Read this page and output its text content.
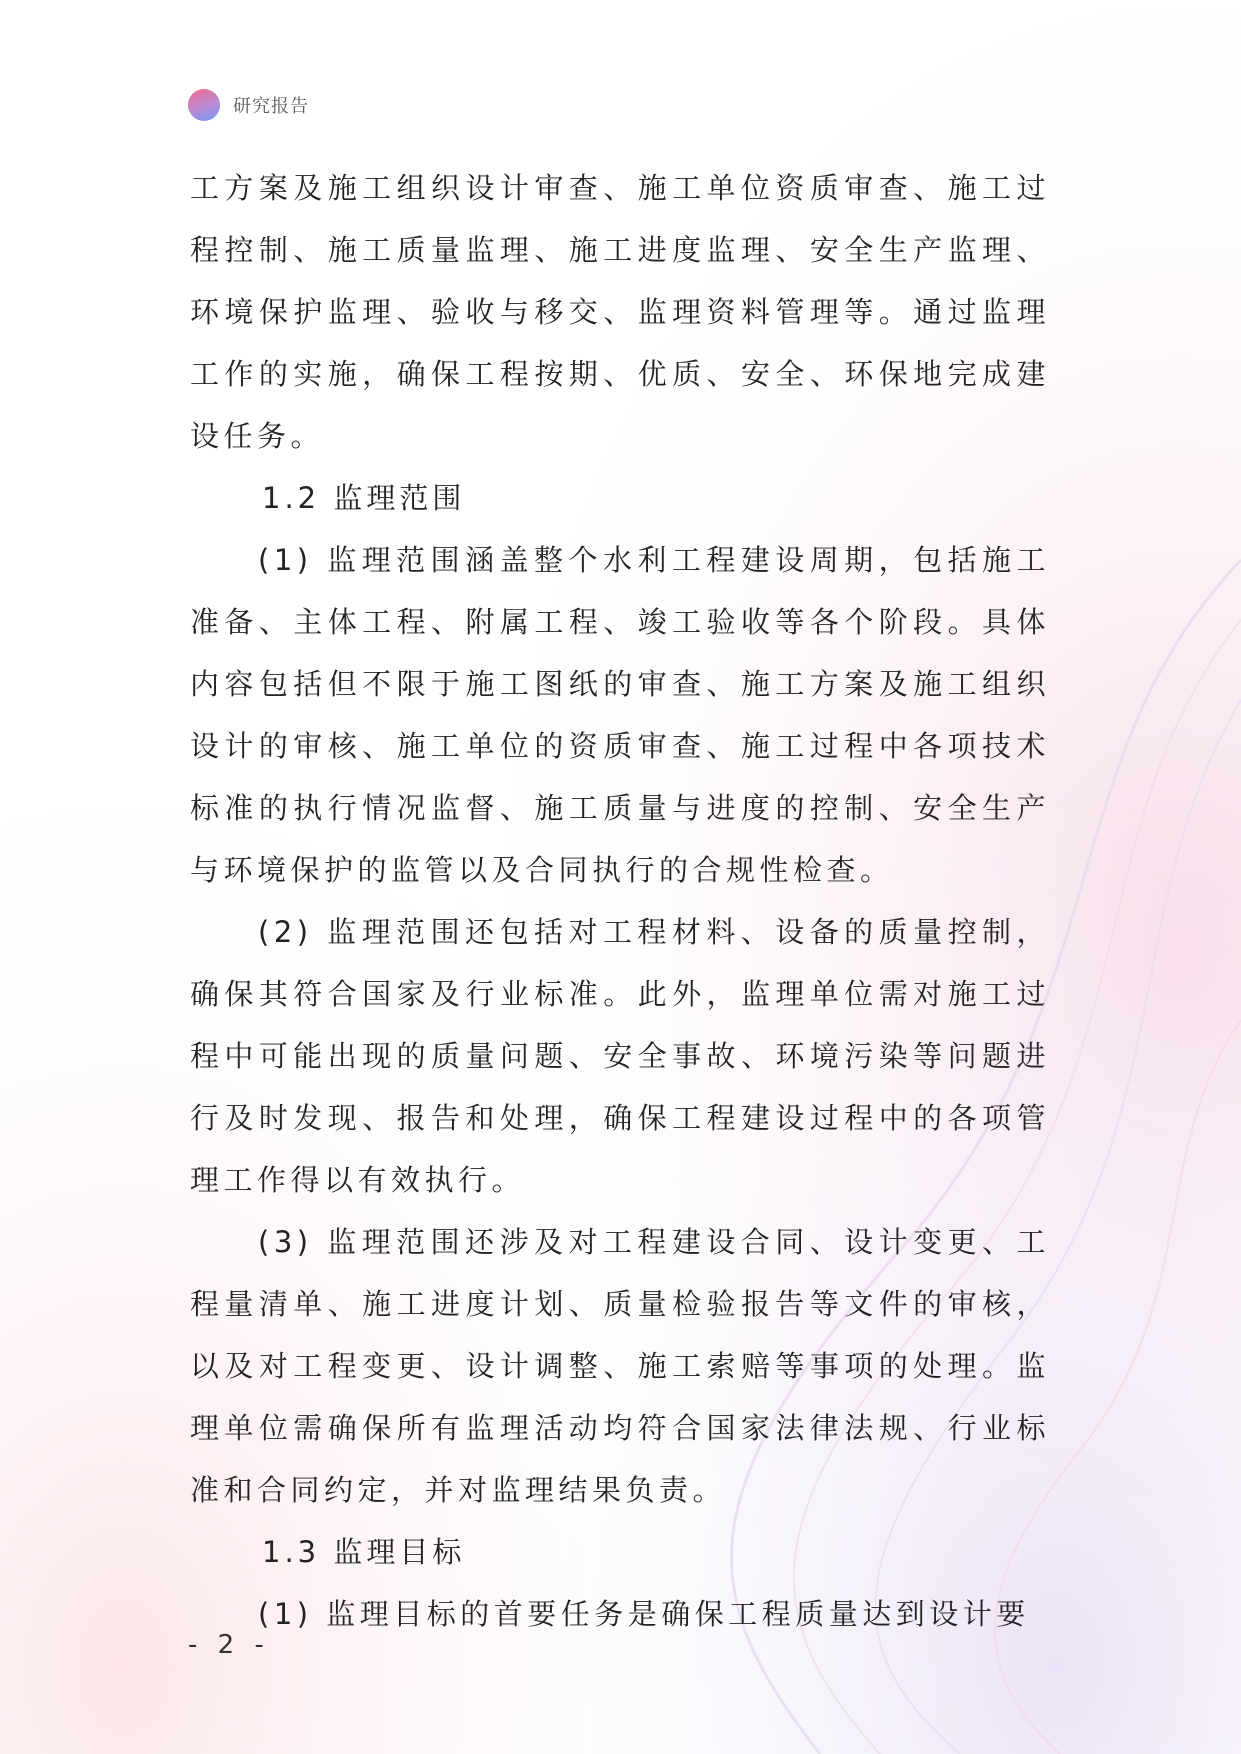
研究报告

工方案及施工组织设计审查、施工单位资质审查、施工过程控制、施工质量监理、施工进度监理、安全生产监理、环境保护监理、验收与移交、监理资料管理等。通过监理工作的实施，确保工程按期、优质、安全、环保地完成建设任务。

1.2 监理范围

(1) 监理范围涵盖整个水利工程建设周期，包括施工准备、主体工程、附属工程、竣工验收等各个阶段。具体内容包括但不限于施工图纸的审查、施工方案及施工组织设计的审核、施工单位的资质审查、施工过程中各项技术标准的执行情况监督、施工质量与进度的控制、安全生产与环境保护的监管以及合同执行的合规性检查。

(2) 监理范围还包括对工程材料、设备的质量控制，确保其符合国家及行业标准。此外，监理单位需对施工过程中可能出现的质量问题、安全事故、环境污染等问题进行及时发现、报告和处理，确保工程建设过程中的各项管理工作得以有效执行。

(3) 监理范围还涉及对工程建设合同、设计变更、工程量清单、施工进度计划、质量检验报告等文件的审核，以及对工程变更、设计调整、施工索赔等事项的处理。监理单位需确保所有监理活动均符合国家法律法规、行业标准和合同约定，并对监理结果负责。

1.3 监理目标

(1) 监理目标的首要任务是确保工程质量达到设计要

- 2 -
